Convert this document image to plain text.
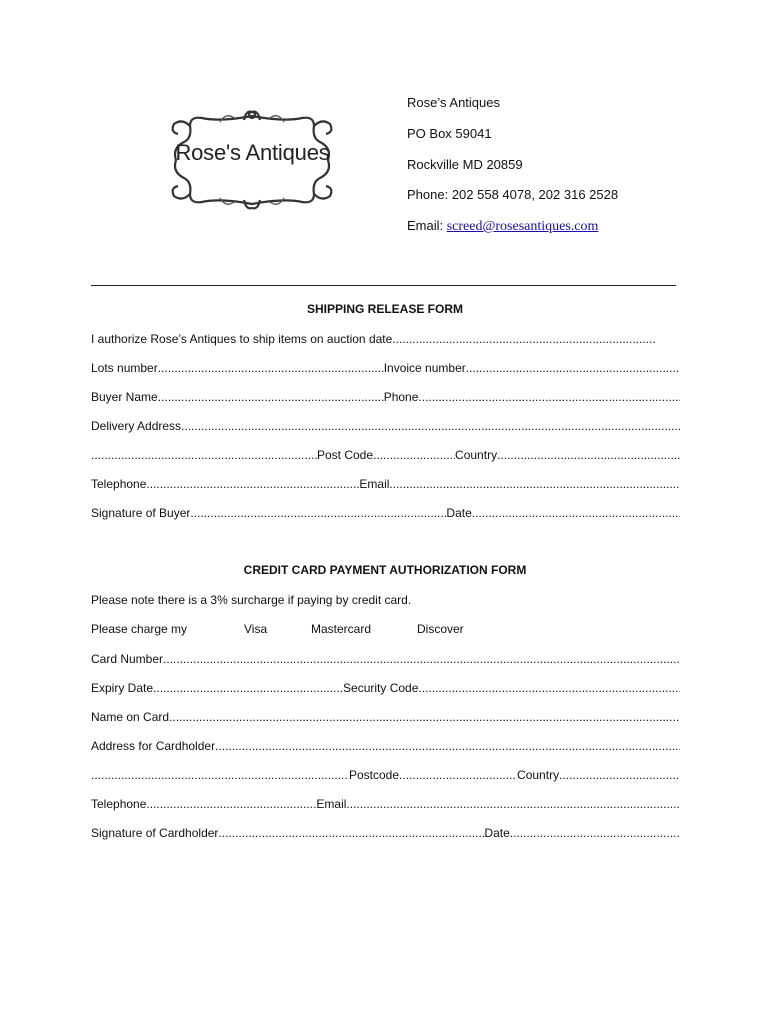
Rose's Antiques
Rose’s Antiques
PO Box 59041
Rockville MD 20859
Phone: 202 558 4078, 202 316 2528
Email: screed@rosesantiques.com
SHIPPING RELEASE FORM
I authorize Rose’s Antiques to ship items on auction date
.....
Lots number .....	Invoice number
.....
Buyer Name .....	Phone
.....
Delivery Address
.....
.....
Post Code .....	Country
.....
Telephone .....	Email
.....
Signature of Buyer .....	Date
.....
CREDIT CARD PAYMENT AUTHORIZATION FORM
Please note there is a 3% surcharge if paying by credit card.
Please charge my	Visa	Mastercard	Discover
Card Number
.....
Expiry Date .....	Security Code
.....
Name on Card
.....
Address for Cardholder
.....
.....
Postcode .....	Country
.....
Telephone .....	Email
.....
Signature of Cardholder .....	Date
.....
